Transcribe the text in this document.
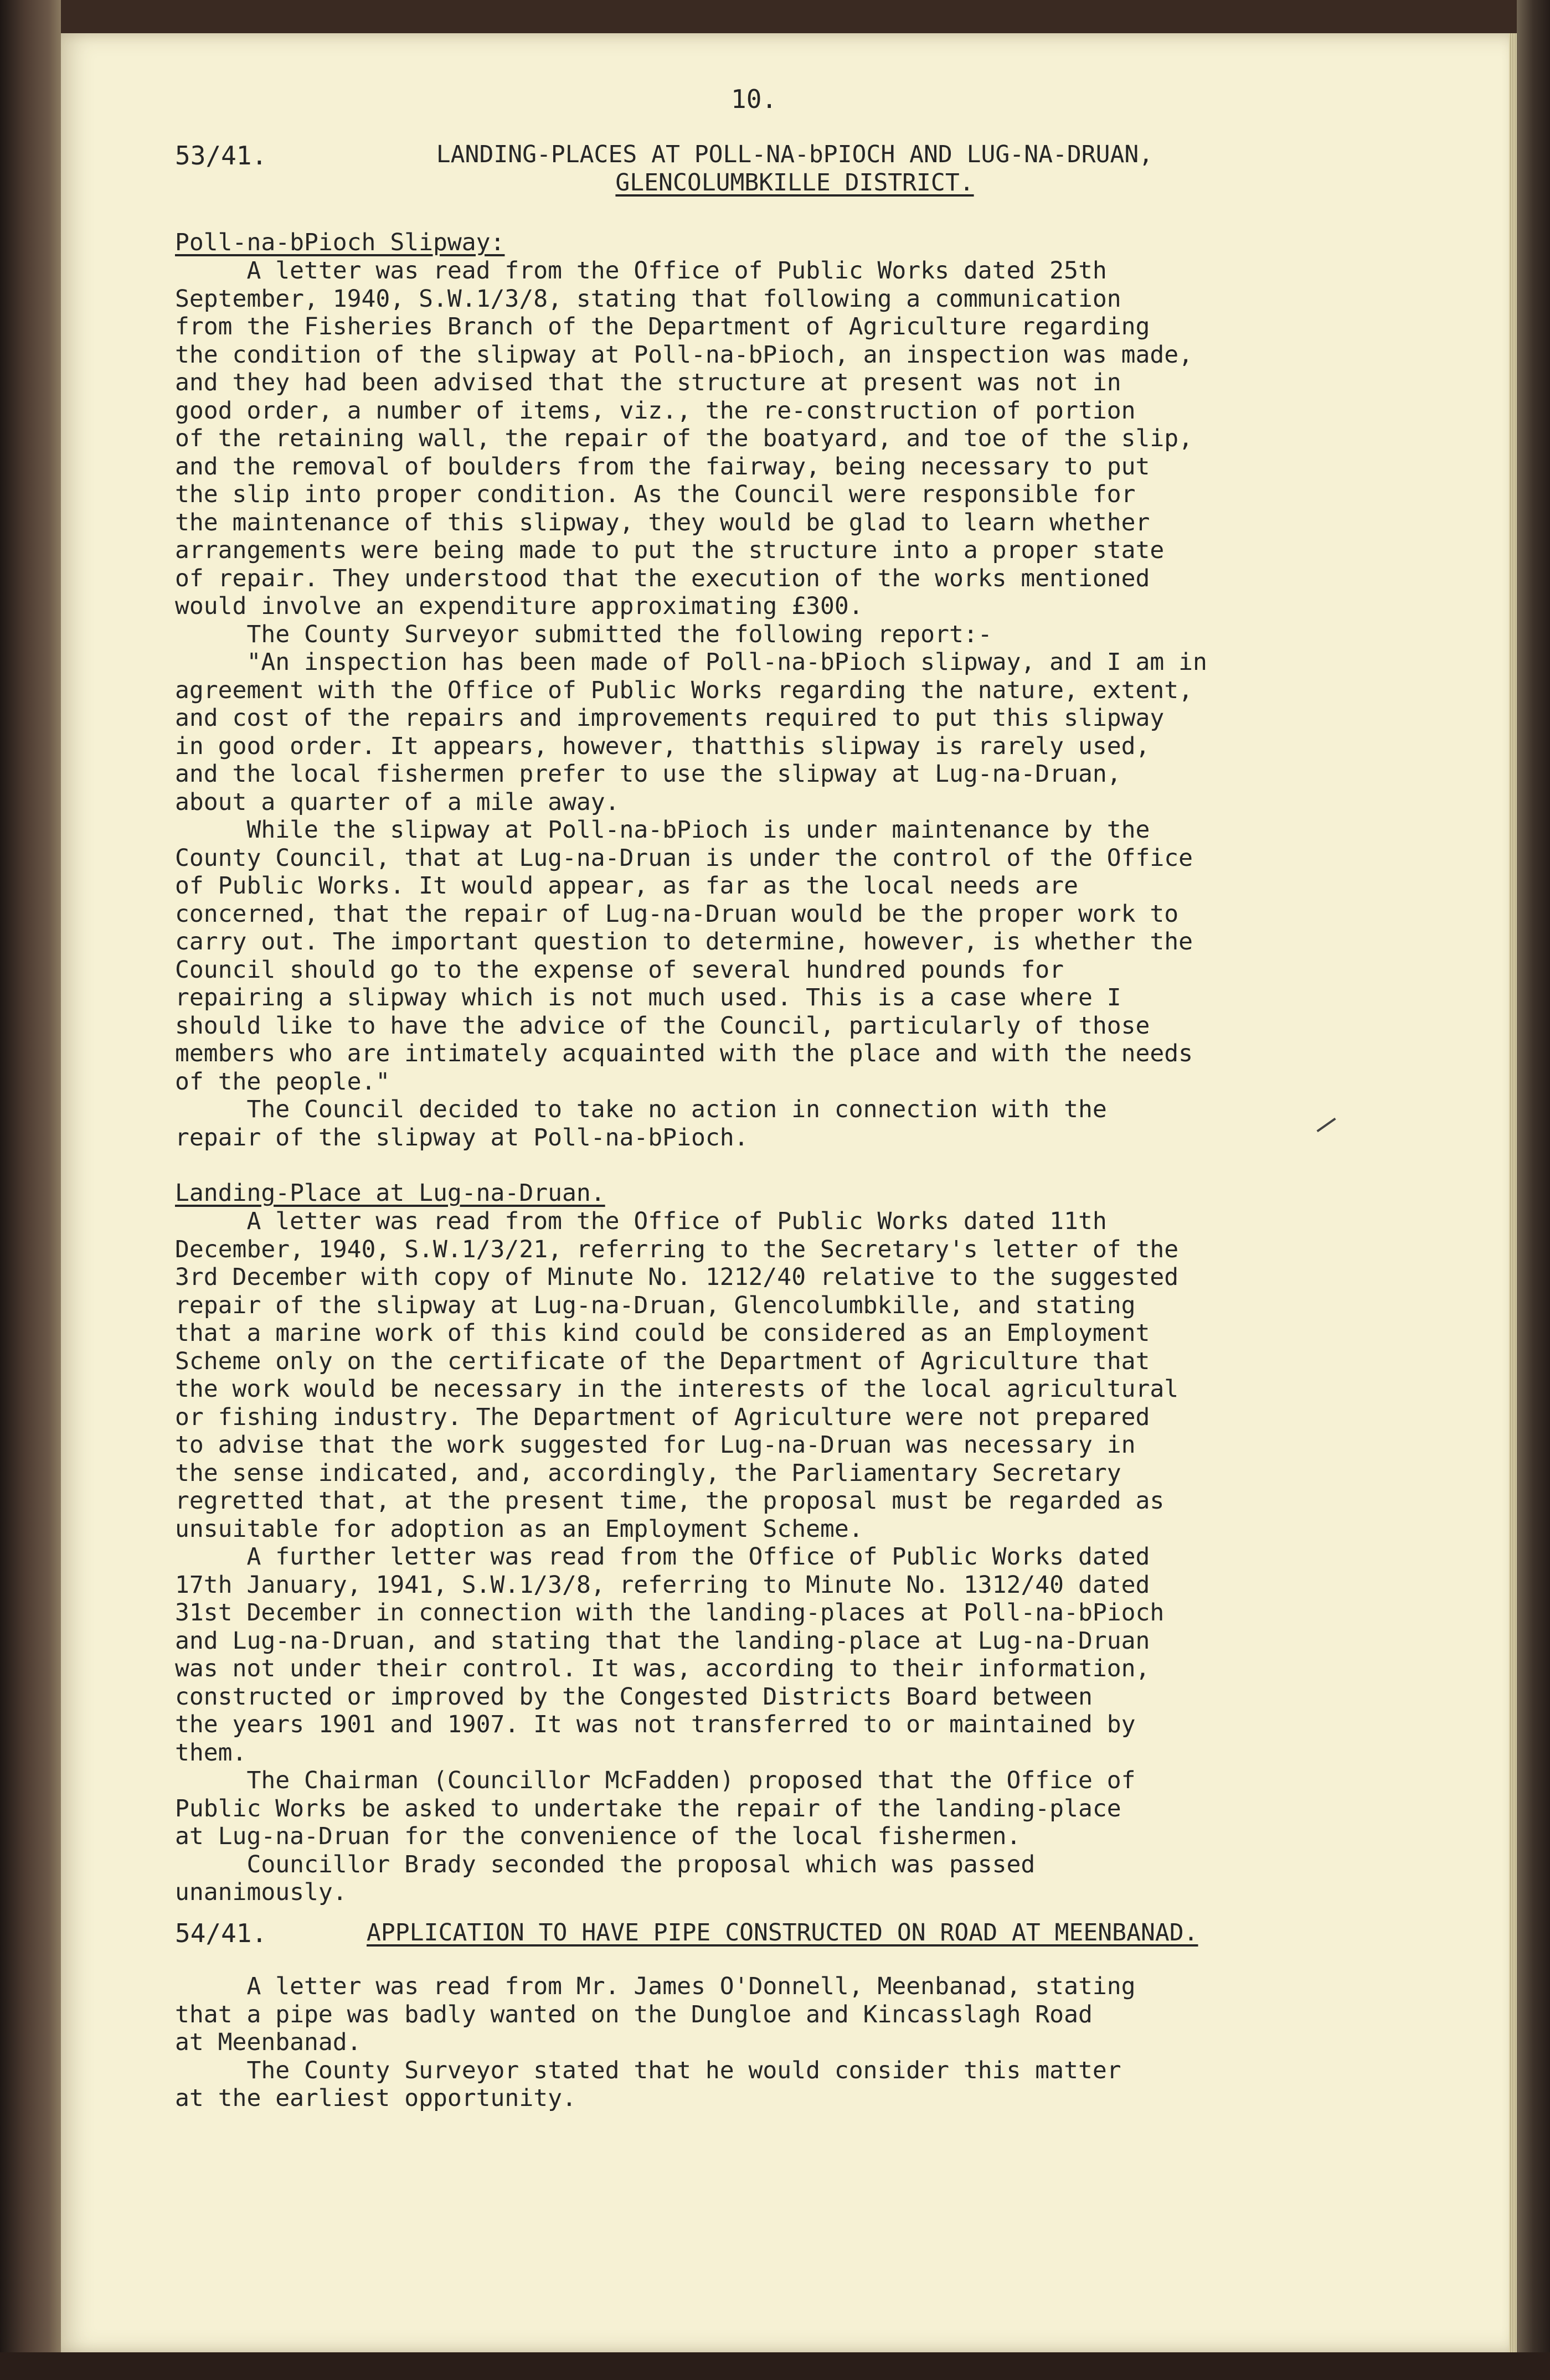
10.
53/41.	LANDING-PLACES AT POLL-NA-bPIOCH AND LUG-NA-DRUAN,
GLENCOLUMBKILLE DISTRICT.
Poll-na-bPioch Slipway:
A letter was read from the Office of Public Works dated 25th
September, 1940, S.W.1/3/8, stating that following a communication
from the Fisheries Branch of the Department of Agriculture regarding
the condition of the slipway at Poll-na-bPioch, an inspection was made,
and they had been advised that the structure at present was not in
good order, a number of items, viz., the re-construction of portion
of the retaining wall, the repair of the boatyard, and toe of the slip,
and the removal of boulders from the fairway, being necessary to put
the slip into proper condition. As the Council were responsible for
the maintenance of this slipway, they would be glad to learn whether
arrangements were being made to put the structure into a proper state
of repair. They understood that the execution of the works mentioned
would involve an expenditure approximating £300.
The County Surveyor submitted the following report:-
"An inspection has been made of Poll-na-bPioch slipway, and I am in
agreement with the Office of Public Works regarding the nature, extent,
and cost of the repairs and improvements required to put this slipway
in good order. It appears, however, thatthis slipway is rarely used,
and the local fishermen prefer to use the slipway at Lug-na-Druan,
about a quarter of a mile away.
While the slipway at Poll-na-bPioch is under maintenance by the
County Council, that at Lug-na-Druan is under the control of the Office
of Public Works. It would appear, as far as the local needs are
concerned, that the repair of Lug-na-Druan would be the proper work to
carry out. The important question to determine, however, is whether the
Council should go to the expense of several hundred pounds for
repairing a slipway which is not much used. This is a case where I
should like to have the advice of the Council, particularly of those
members who are intimately acquainted with the place and with the needs
of the people."
The Council decided to take no action in connection with the
repair of the slipway at Poll-na-bPioch.
Landing-Place at Lug-na-Druan.
A letter was read from the Office of Public Works dated 11th
December, 1940, S.W.1/3/21, referring to the Secretary's letter of the
3rd December with copy of Minute No. 1212/40 relative to the suggested
repair of the slipway at Lug-na-Druan, Glencolumbkille, and stating
that a marine work of this kind could be considered as an Employment
Scheme only on the certificate of the Department of Agriculture that
the work would be necessary in the interests of the local agricultural
or fishing industry. The Department of Agriculture were not prepared
to advise that the work suggested for Lug-na-Druan was necessary in
the sense indicated, and, accordingly, the Parliamentary Secretary
regretted that, at the present time, the proposal must be regarded as
unsuitable for adoption as an Employment Scheme.
A further letter was read from the Office of Public Works dated
17th January, 1941, S.W.1/3/8, referring to Minute No. 1312/40 dated
31st December in connection with the landing-places at Poll-na-bPioch
and Lug-na-Druan, and stating that the landing-place at Lug-na-Druan
was not under their control. It was, according to their information,
constructed or improved by the Congested Districts Board between
the years 1901 and 1907. It was not transferred to or maintained by
them.
The Chairman (Councillor McFadden) proposed that the Office of
Public Works be asked to undertake the repair of the landing-place
at Lug-na-Druan for the convenience of the local fishermen.
Councillor Brady seconded the proposal which was passed
unanimously.
54/41.	APPLICATION TO HAVE PIPE CONSTRUCTED ON ROAD AT MEENBANAD.
A letter was read from Mr. James O'Donnell, Meenbanad, stating
that a pipe was badly wanted on the Dungloe and Kincasslagh Road
at Meenbanad.
The County Surveyor stated that he would consider this matter
at the earliest opportunity.
